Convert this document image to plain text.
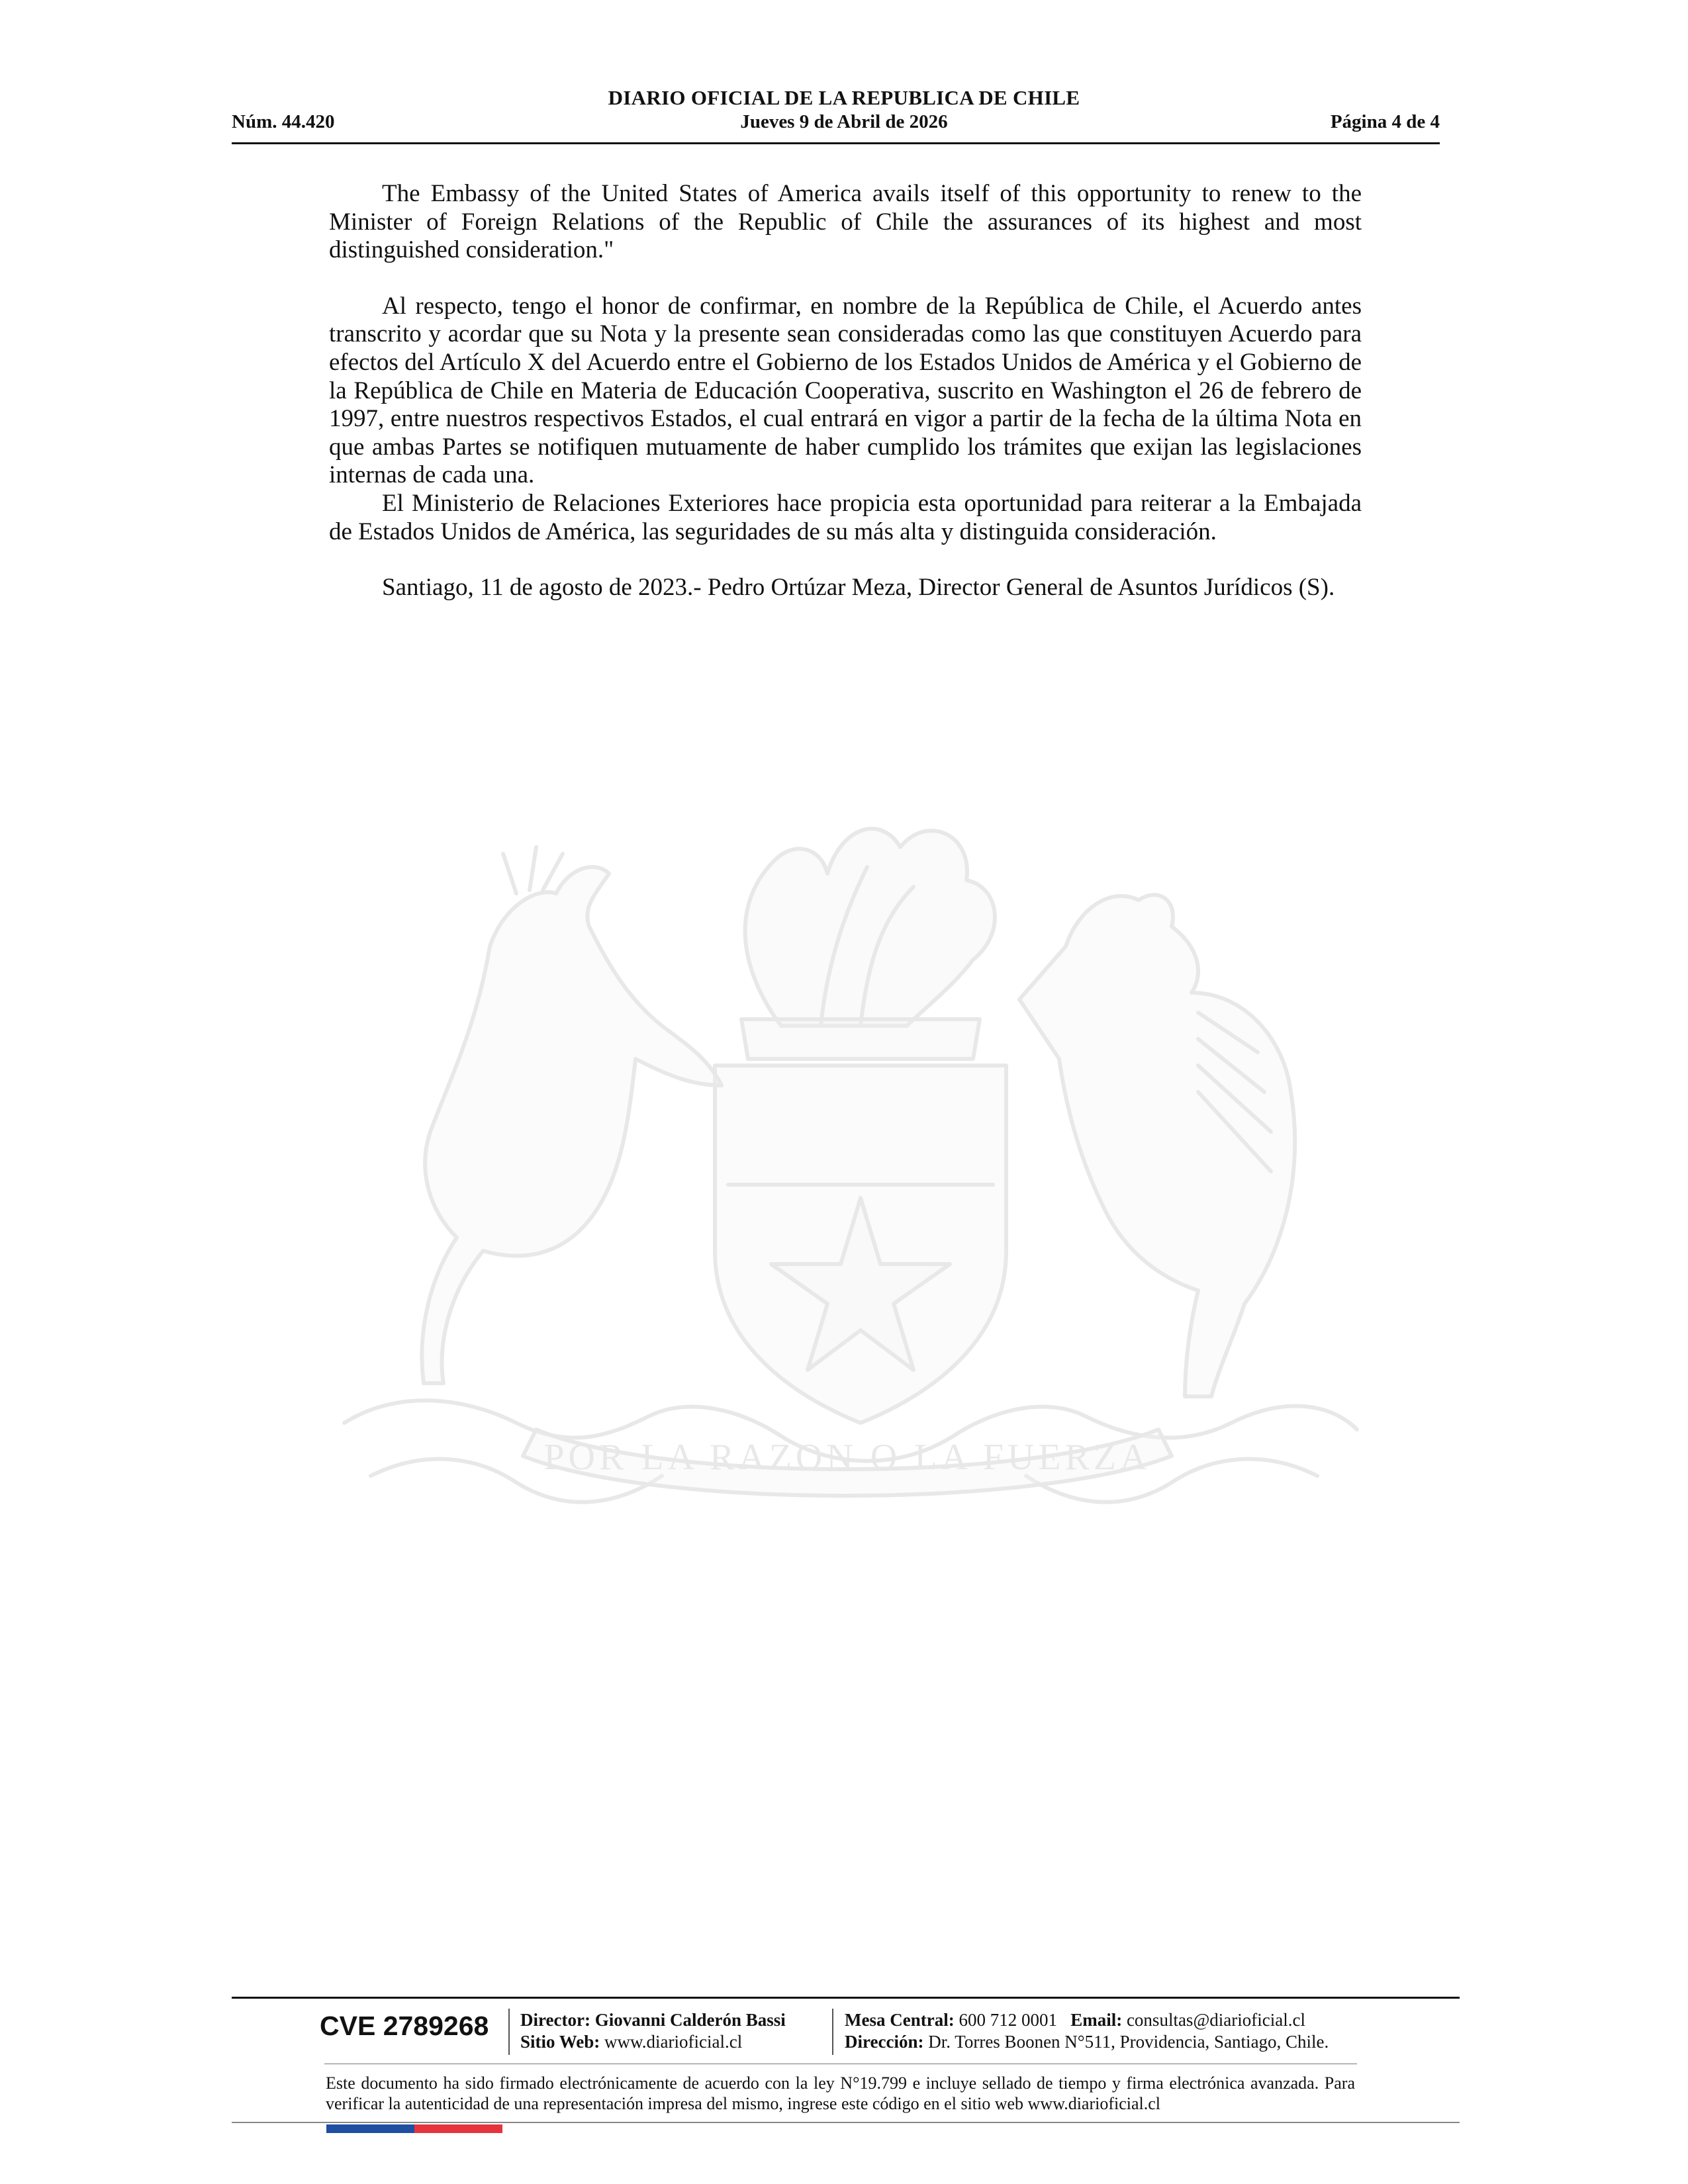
DIARIO OFICIAL DE LA REPUBLICA DE CHILE
Núm. 44.420	Jueves 9 de Abril de 2026	Página 4 de 4

The Embassy of the United States of America avails itself of this opportunity to renew to the Minister of Foreign Relations of the Republic of Chile the assurances of its highest and most distinguished consideration."

Al respecto, tengo el honor de confirmar, en nombre de la República de Chile, el Acuerdo antes transcrito y acordar que su Nota y la presente sean consideradas como las que constituyen Acuerdo para efectos del Artículo X del Acuerdo entre el Gobierno de los Estados Unidos de América y el Gobierno de la República de Chile en Materia de Educación Cooperativa, suscrito en Washington el 26 de febrero de 1997, entre nuestros respectivos Estados, el cual entrará en vigor a partir de la fecha de la última Nota en que ambas Partes se notifiquen mutuamente de haber cumplido los trámites que exijan las legislaciones internas de cada una.

El Ministerio de Relaciones Exteriores hace propicia esta oportunidad para reiterar a la Embajada de Estados Unidos de América, las seguridades de su más alta y distinguida consideración.

Santiago, 11 de agosto de 2023.- Pedro Ortúzar Meza, Director General de Asuntos Jurídicos (S).

POR LA RAZON O LA FUERZA
CVE 2789268 Director: Giovanni Calderón Bassi
Sitio Web: www.diarioficial.cl
Mesa Central: 600 712 0001 Email: consultas@diarioficial.cl
Dirección: Dr. Torres Boonen N°511, Providencia, Santiago, Chile.
Este documento ha sido firmado electrónicamente de acuerdo con la ley N°19.799 e incluye sellado de tiempo y firma electrónica avanzada. Para verificar la autenticidad de una representación impresa del mismo, ingrese este código en el sitio web www.diarioficial.cl
